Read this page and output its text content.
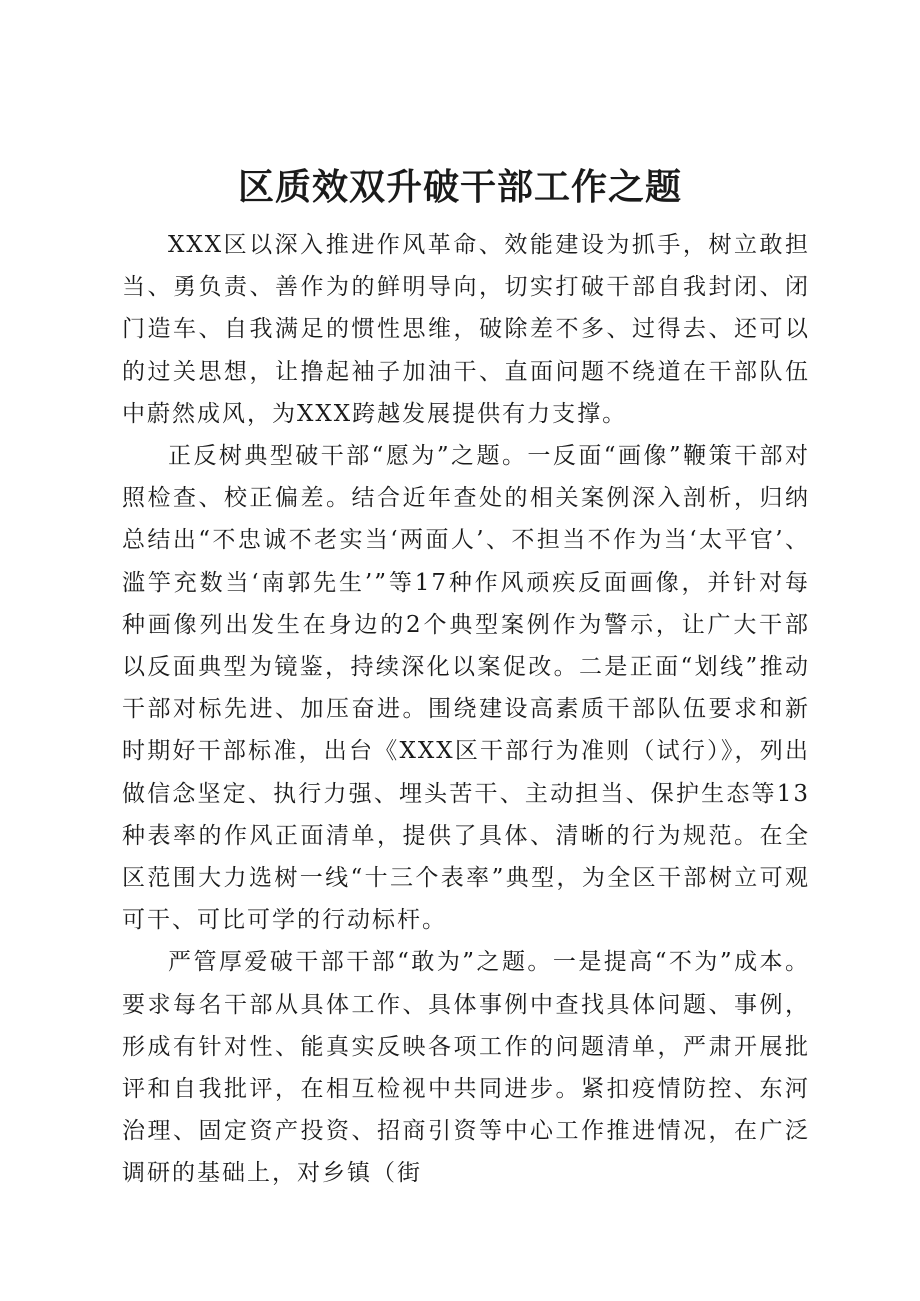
区质效双升破干部工作之题

XXX区以深入推进作风革命、效能建设为抓手，树立敢担当、勇负责、善作为的鲜明导向，切实打破干部自我封闭、闭门造车、自我满足的惯性思维，破除差不多、过得去、还可以的过关思想，让撸起袖子加油干、直面问题不绕道在干部队伍中蔚然成风，为XXX跨越发展提供有力支撑。

正反树典型破干部“愿为”之题。一反面“画像”鞭策干部对照检查、校正偏差。结合近年查处的相关案例深入剖析，归纳总结出“不忠诚不老实当‘两面人’、不担当不作为当‘太平官’、滥竽充数当‘南郭先生’”等17种作风顽疾反面画像，并针对每种画像列出发生在身边的2个典型案例作为警示，让广大干部以反面典型为镜鉴，持续深化以案促改。二是正面“划线”推动干部对标先进、加压奋进。围绕建设高素质干部队伍要求和新时期好干部标准，出台《XXX区干部行为准则（试行）》，列出做信念坚定、执行力强、埋头苦干、主动担当、保护生态等13种表率的作风正面清单，提供了具体、清晰的行为规范。在全区范围大力选树一线“十三个表率”典型，为全区干部树立可观可干、可比可学的行动标杆。

严管厚爱破干部干部“敢为”之题。一是提高“不为”成本。要求每名干部从具体工作、具体事例中查找具体问题、事例，形成有针对性、能真实反映各项工作的问题清单，严肃开展批评和自我批评，在相互检视中共同进步。紧扣疫情防控、东河治理、固定资产投资、招商引资等中心工作推进情况，在广泛调研的基础上，对乡镇（街
